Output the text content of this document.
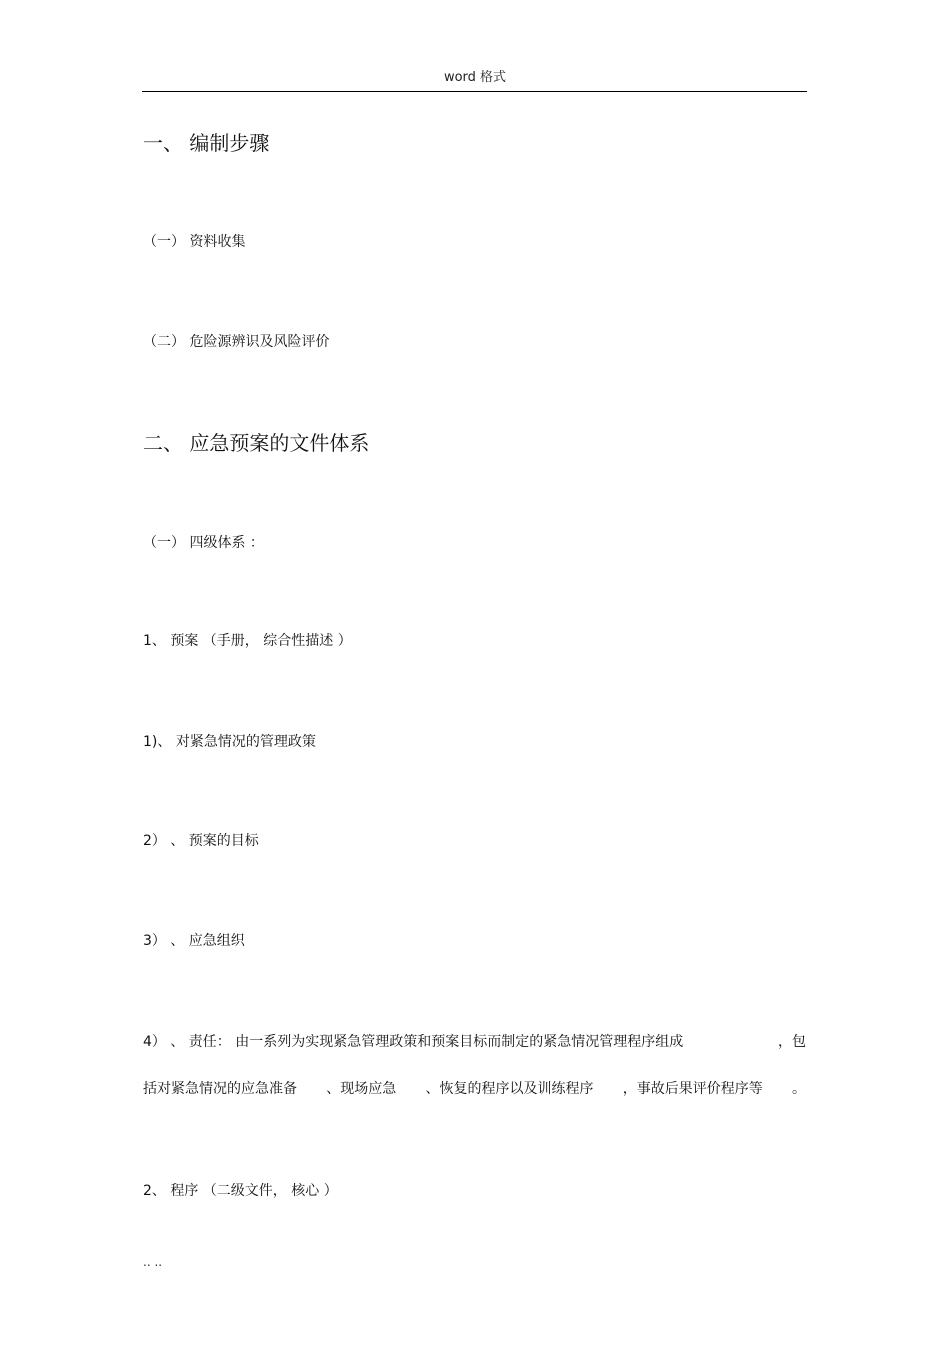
word 格式
一、 编制步骤
（一） 资料收集
（二） 危险源辨识及风险评价
二、 应急预案的文件体系
（一） 四级体系 ：
1、 预案 （手册， 综合性描述 ）
1)、 对紧急情况的管理政策
2） 、 预案的目标
3） 、 应急组织
4） 、 责任： 由一系列为实现紧急管理政策和预案目标而制定的紧急情况管理程序组成	，包
括对紧急情况的应急准备 、现场应急 、恢复的程序以及训练程序 ，事故后果评价程序等 。
2、 程序 （二级文件， 核心 ）
.. ..
